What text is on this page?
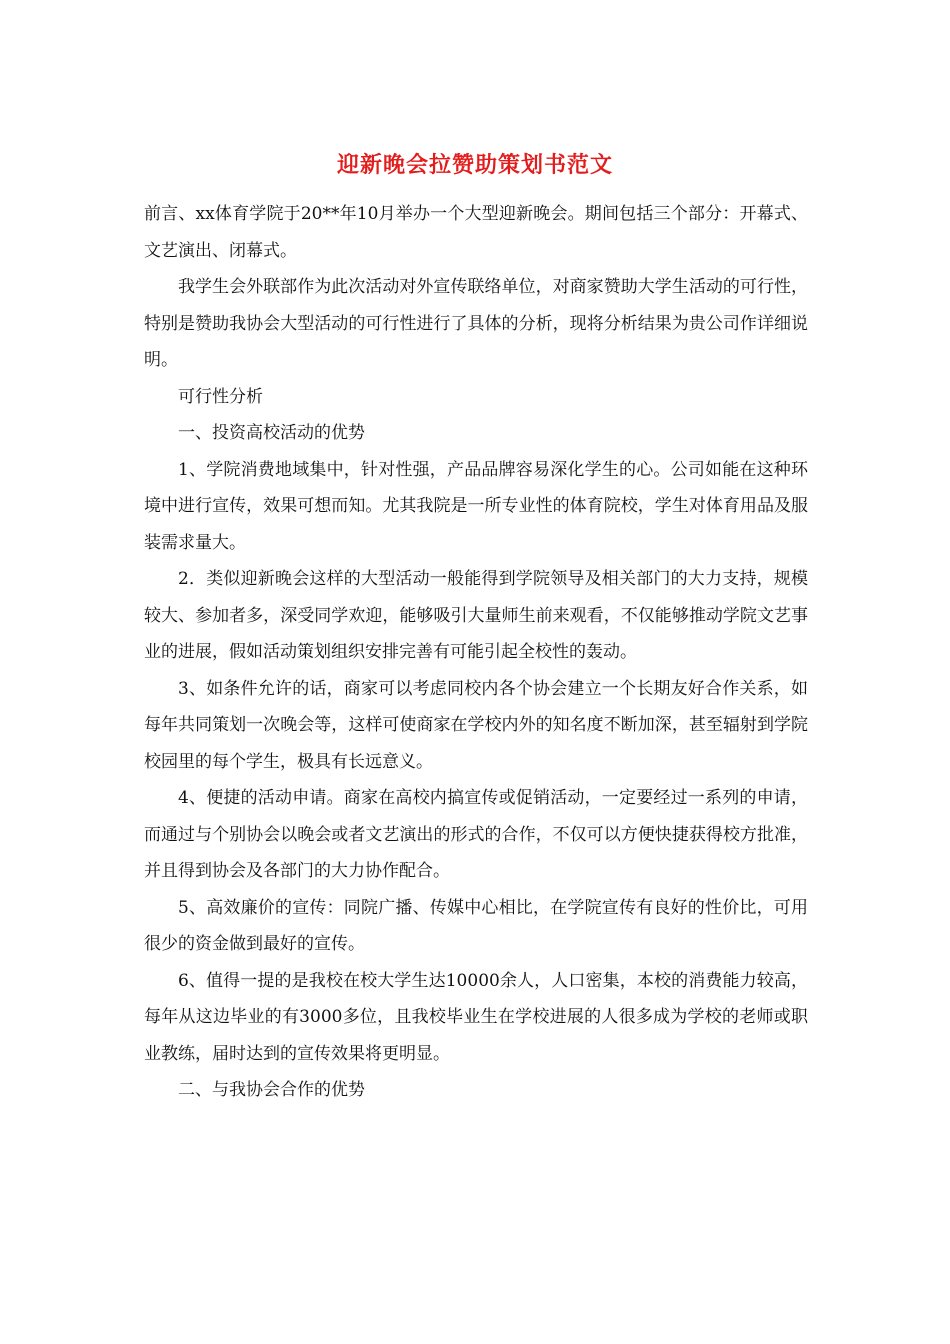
迎新晚会拉赞助策划书范文

前言、xx体育学院于20**年10月举办一个大型迎新晚会。期间包括三个部分：开幕式、文艺演出、闭幕式。

我学生会外联部作为此次活动对外宣传联络单位，对商家赞助大学生活动的可行性，特别是赞助我协会大型活动的可行性进行了具体的分析，现将分析结果为贵公司作详细说明。

可行性分析

一、投资高校活动的优势

1、学院消费地域集中，针对性强，产品品牌容易深化学生的心。公司如能在这种环境中进行宣传，效果可想而知。尤其我院是一所专业性的体育院校，学生对体育用品及服装需求量大。

2．类似迎新晚会这样的大型活动一般能得到学院领导及相关部门的大力支持，规模较大、参加者多，深受同学欢迎，能够吸引大量师生前来观看，不仅能够推动学院文艺事业的进展，假如活动策划组织安排完善有可能引起全校性的轰动。

3、如条件允许的话，商家可以考虑同校内各个协会建立一个长期友好合作关系，如每年共同策划一次晚会等，这样可使商家在学校内外的知名度不断加深，甚至辐射到学院校园里的每个学生，极具有长远意义。

4、便捷的活动申请。商家在高校内搞宣传或促销活动，一定要经过一系列的申请，而通过与个别协会以晚会或者文艺演出的形式的合作，不仅可以方便快捷获得校方批准，并且得到协会及各部门的大力协作配合。

5、高效廉价的宣传：同院广播、传媒中心相比，在学院宣传有良好的性价比，可用很少的资金做到最好的宣传。

6、值得一提的是我校在校大学生达10000余人，人口密集，本校的消费能力较高，每年从这边毕业的有3000多位，且我校毕业生在学校进展的人很多成为学校的老师或职业教练，届时达到的宣传效果将更明显。

二、与我协会合作的优势
